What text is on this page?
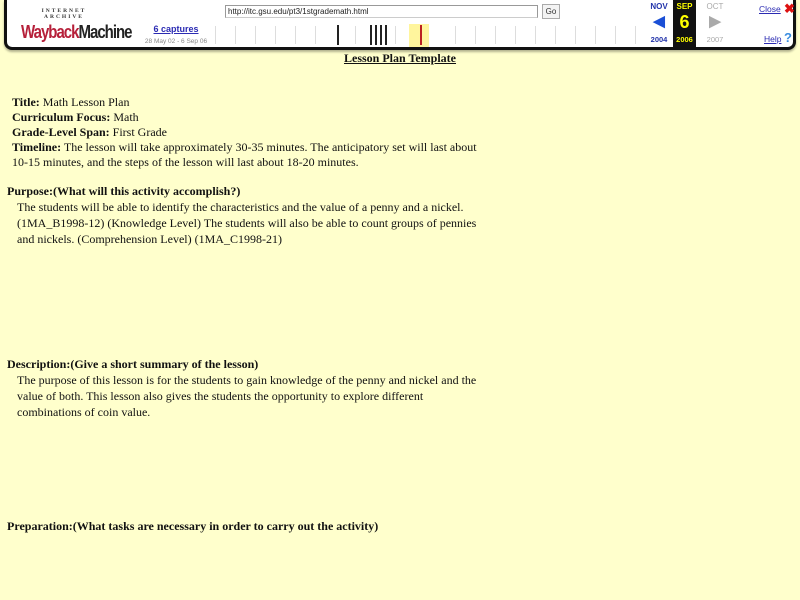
INTERNET ARCHIVE
WaybackMachine	6 captures
28 May 02 - 6 Sep 06
http://itc.gsu.edu/pt3/1stgrademath.html	Go
NOV
◀
2004
SEP
6
2006
OCT
▶
2007
Close ✖
Help ?
Lesson Plan Template
Title: Math Lesson Plan
Curriculum Focus: Math
Grade-Level Span: First Grade
Timeline: The lesson will take approximately 30-35 minutes. The anticipatory set will last about 10-15 minutes, and the steps of the lesson will last about 18-20 minutes.
Purpose:(What will this activity accomplish?)
The students will be able to identify the characteristics and the value of a penny and a nickel. (1MA_B1998-12) (Knowledge Level) The students will also be able to count groups of pennies and nickels. (Comprehension Level) (1MA_C1998-21)
Description:(Give a short summary of the lesson)
The purpose of this lesson is for the students to gain knowledge of the penny and nickel and the value of both. This lesson also gives the students the opportunity to explore different combinations of coin value.
Preparation:(What tasks are necessary in order to carry out the activity)
